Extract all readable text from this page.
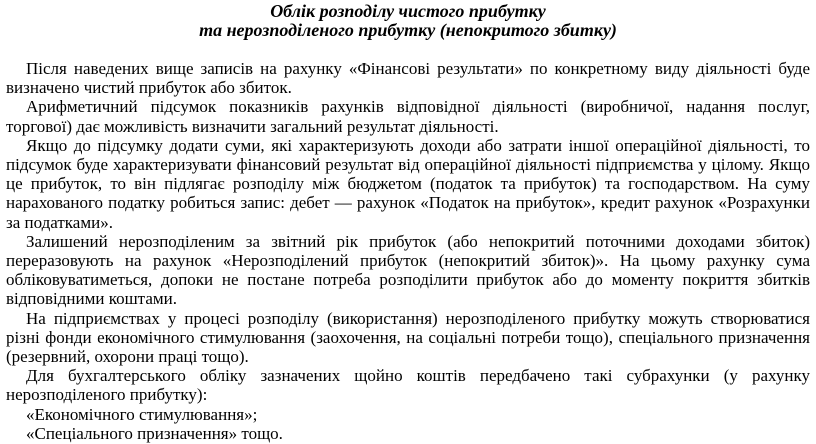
Облік розподілу чистого прибутку

та нерозподіленого прибутку (непокритого збитку)

Після наведених вище записів на рахунку «Фінансові результати» по конкретному виду діяльності буде визначено чистий прибуток або збиток.

Арифметичний підсумок показників рахунків відповідної діяльності (виробничої, надання послуг, торгової) дає можливість визначити загальний результат діяльності.

Якщо до підсумку додати суми, які характеризують доходи або затрати іншої операційної діяльності, то підсумок буде характеризувати фінансовий результат від операційної діяльності підприємства у цілому. Якщо це прибуток, то він підлягає розподілу між бюджетом (податок та прибуток) та господарством. На суму нарахованого податку робиться запис: дебет — рахунок «Податок на прибуток», кредит рахунок «Розрахунки за податками».

Залишений нерозподіленим за звітний рік прибуток (або непокритий поточними доходами збиток) переразовують на рахунок «Нерозподілений прибуток (непокритий збиток)». На цьому рахунку сума обліковуватиметься, допоки не постане потреба розподілити прибуток або до моменту покриття збитків відповідними коштами.

На підприємствах у процесі розподілу (використання) нерозподіленого прибутку можуть створюватися різні фонди економічного стимулювання (заохочення, на соціальні потреби тощо), спеціального призначення (резервний, охорони праці тощо).

Для бухгалтерського обліку зазначених щойно коштів передбачено такі субрахунки (у рахунку нерозподіленого прибутку):

«Економічного стимулювання»;

«Спеціального призначення» тощо.
